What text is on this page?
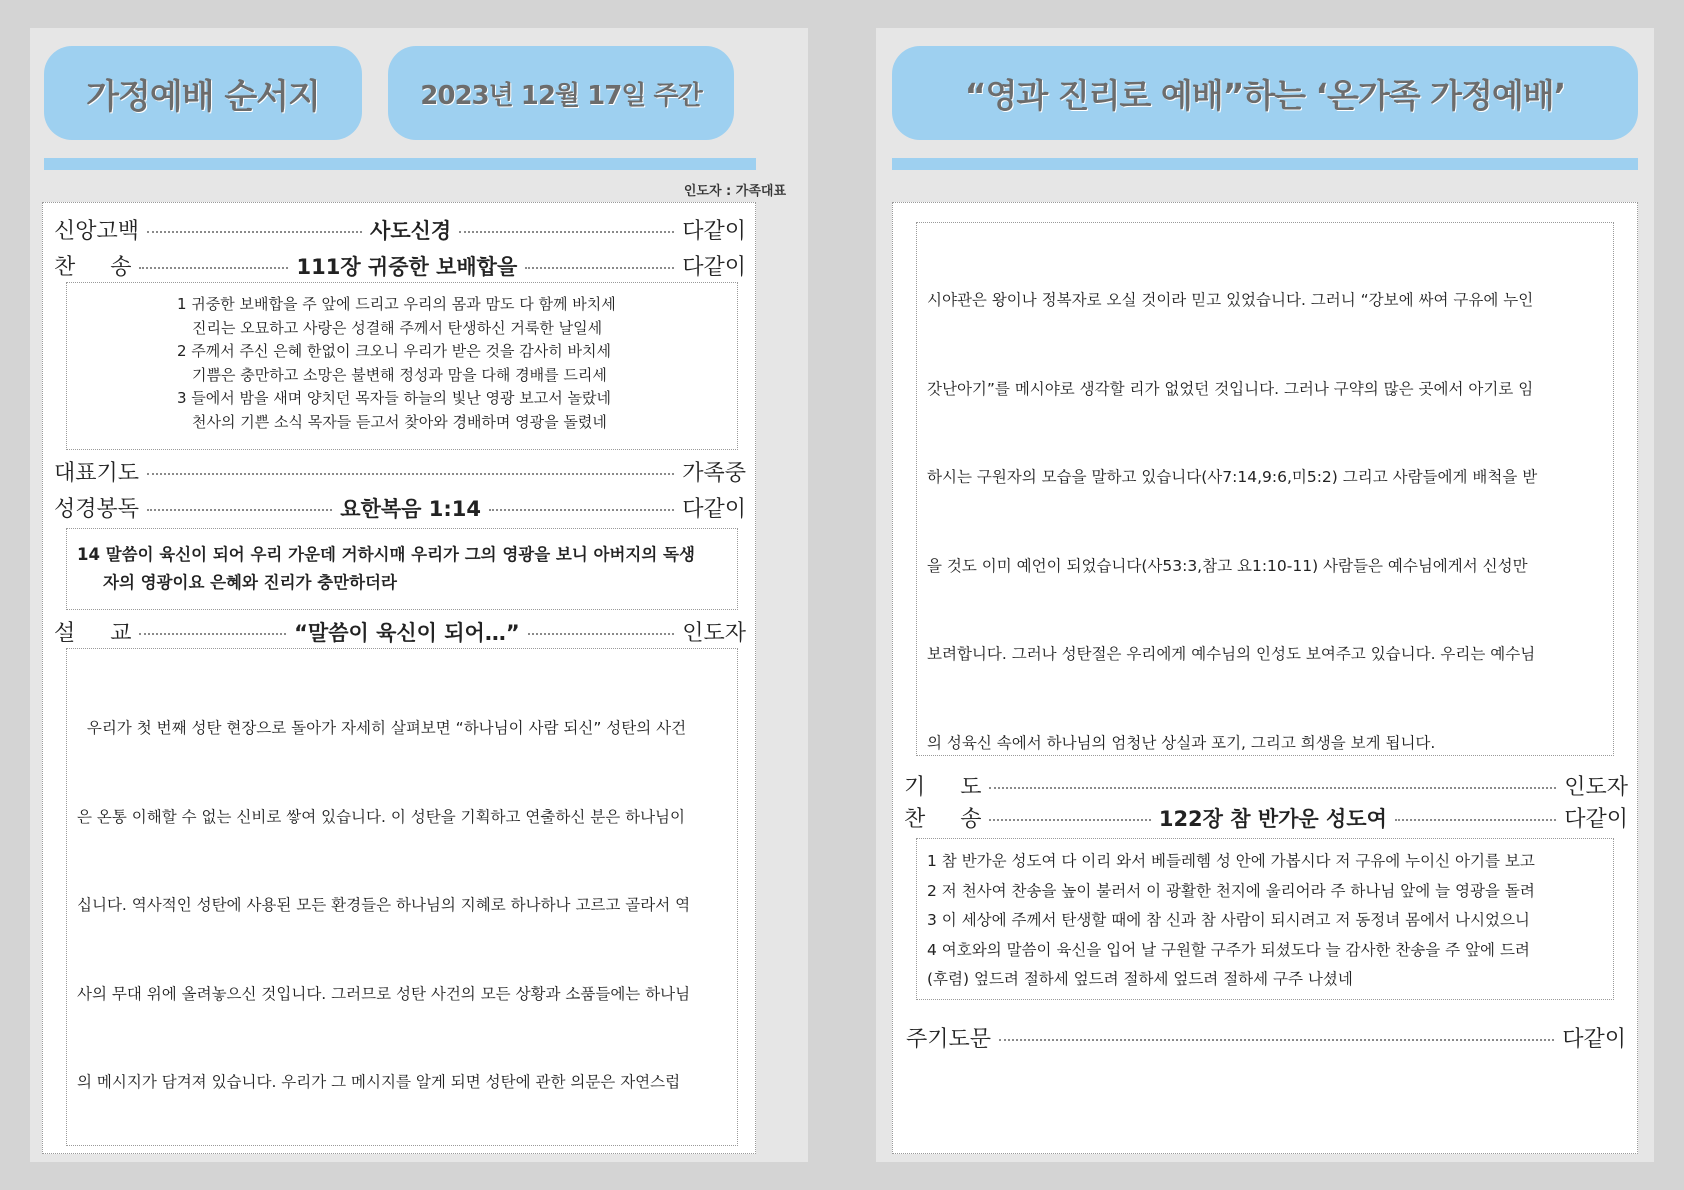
가정예배 순서지	2023년 12월 17일 주간
인도자 : 가족대표
신앙고백	사도신경	다같이
찬     송	111장 귀중한 보배합을	다같이

1 귀중한 보배합을 주 앞에 드리고 우리의 몸과 맘도 다 함께 바치세

진리는 오묘하고 사랑은 성결해 주께서 탄생하신 거룩한 날일세

2 주께서 주신 은혜 한없이 크오니 우리가 받은 것을 감사히 바치세

기쁨은 충만하고 소망은 불변해 정성과 맘을 다해 경배를 드리세

3 들에서 밤을 새며 양치던 목자들 하늘의 빛난 영광 보고서 놀랐네

천사의 기쁜 소식 목자들 듣고서 찾아와 경배하며 영광을 돌렸네

대표기도	가족중
성경봉독	요한복음 1:14	다같이
14 말씀이 육신이 되어 우리 가운데 거하시매 우리가 그의 영광을 보니 아버지의 독생
자의 영광이요 은혜와 진리가 충만하더라
설     교	“말씀이 육신이 되어…”	인도자

우리가 첫 번째 성탄 현장으로 돌아가 자세히 살펴보면 “하나님이 사람 되신” 성탄의 사건

은 온통 이해할 수 없는 신비로 쌓여 있습니다. 이 성탄을 기획하고 연출하신 분은 하나님이

십니다. 역사적인 성탄에 사용된 모든 환경들은 하나님의 지혜로 하나하나 고르고 골라서 역

사의 무대 위에 올려놓으신 것입니다. 그러므로 성탄 사건의 모든 상황과 소품들에는 하나님

의 메시지가 담겨져 있습니다. 우리가 그 메시지를 알게 되면 성탄에 관한 의문은 자연스럽

“영과 진리로 예배”하는 ‘온가족 가정예배’

시야관은 왕이나 정복자로 오실 것이라 믿고 있었습니다. 그러니 “강보에 싸여 구유에 누인

갓난아기”를 메시야로 생각할 리가 없었던 것입니다. 그러나 구약의 많은 곳에서 아기로 임

하시는 구원자의 모습을 말하고 있습니다(사7:14,9:6,미5:2) 그리고 사람들에게 배척을 받

을 것도 이미 예언이 되었습니다(사53:3,참고 요1:10-11) 사람들은 예수님에게서 신성만

보려합니다. 그러나 성탄절은 우리에게 예수님의 인성도 보여주고 있습니다. 우리는 예수님

의 성육신 속에서 하나님의 엄청난 상실과 포기, 그리고 희생을 보게 됩니다.

기     도	인도자
찬     송	122장 참 반가운 성도여	다같이
1 참 반가운 성도여 다 이리 와서 베들레헴 성 안에 가봅시다 저 구유에 누이신 아기를 보고
2 저 천사여 찬송을 높이 불러서 이 광활한 천지에 울리어라 주 하나님 앞에 늘 영광을 돌려
3 이 세상에 주께서 탄생할 때에 참 신과 참 사람이 되시려고 저 동정녀 몸에서 나시었으니
4 여호와의 말씀이 육신을 입어 날 구원할 구주가 되셨도다 늘 감사한 찬송을 주 앞에 드려
(후렴) 엎드려 절하세 엎드려 절하세 엎드려 절하세 구주 나셨네
주기도문	다같이
